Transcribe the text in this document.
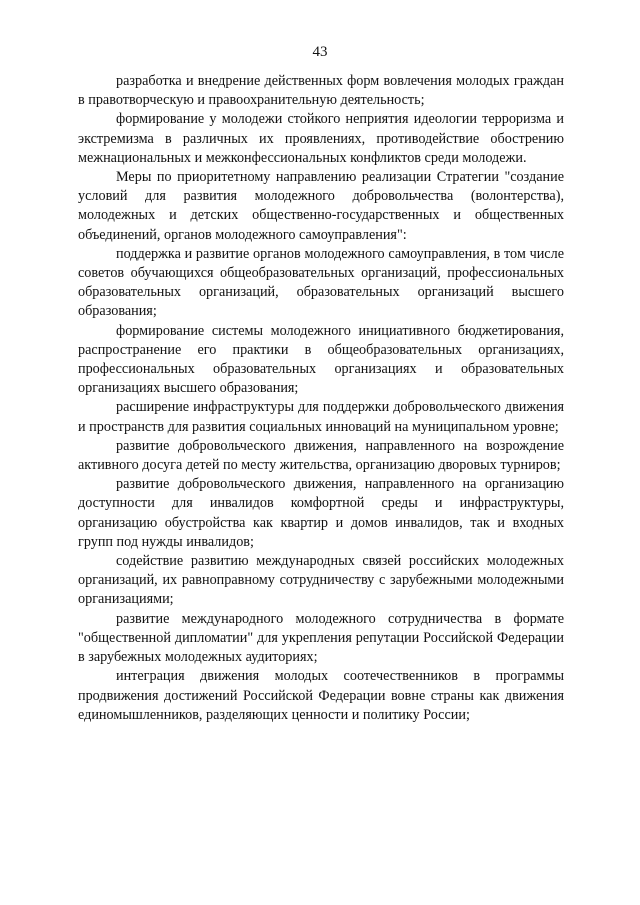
43

разработка и внедрение действенных форм вовлечения молодых граждан в правотворческую и правоохранительную деятельность;

формирование у молодежи стойкого неприятия идеологии терроризма и экстремизма в различных их проявлениях, противодействие обострению межнациональных и межконфессиональных конфликтов среди молодежи.

Меры по приоритетному направлению реализации Стратегии "создание условий для развития молодежного добровольчества (волонтерства), молодежных и детских общественно-государственных и общественных объединений, органов молодежного самоуправления":

поддержка и развитие органов молодежного самоуправления, в том числе советов обучающихся общеобразовательных организаций, профессиональных образовательных организаций, образовательных организаций высшего образования;

формирование системы молодежного инициативного бюджетирования, распространение его практики в общеобразовательных организациях, профессиональных образовательных организациях и образовательных организациях высшего образования;

расширение инфраструктуры для поддержки добровольческого движения и пространств для развития социальных инноваций на муниципальном уровне;

развитие добровольческого движения, направленного на возрождение активного досуга детей по месту жительства, организацию дворовых турниров;

развитие добровольческого движения, направленного на организацию доступности для инвалидов комфортной среды и инфраструктуры, организацию обустройства как квартир и домов инвалидов, так и входных групп под нужды инвалидов;

содействие развитию международных связей российских молодежных организаций, их равноправному сотрудничеству с зарубежными молодежными организациями;

развитие международного молодежного сотрудничества в формате "общественной дипломатии" для укрепления репутации Российской Федерации в зарубежных молодежных аудиториях;

интеграция движения молодых соотечественников в программы продвижения достижений Российской Федерации вовне страны как движения единомышленников, разделяющих ценности и политику России;
